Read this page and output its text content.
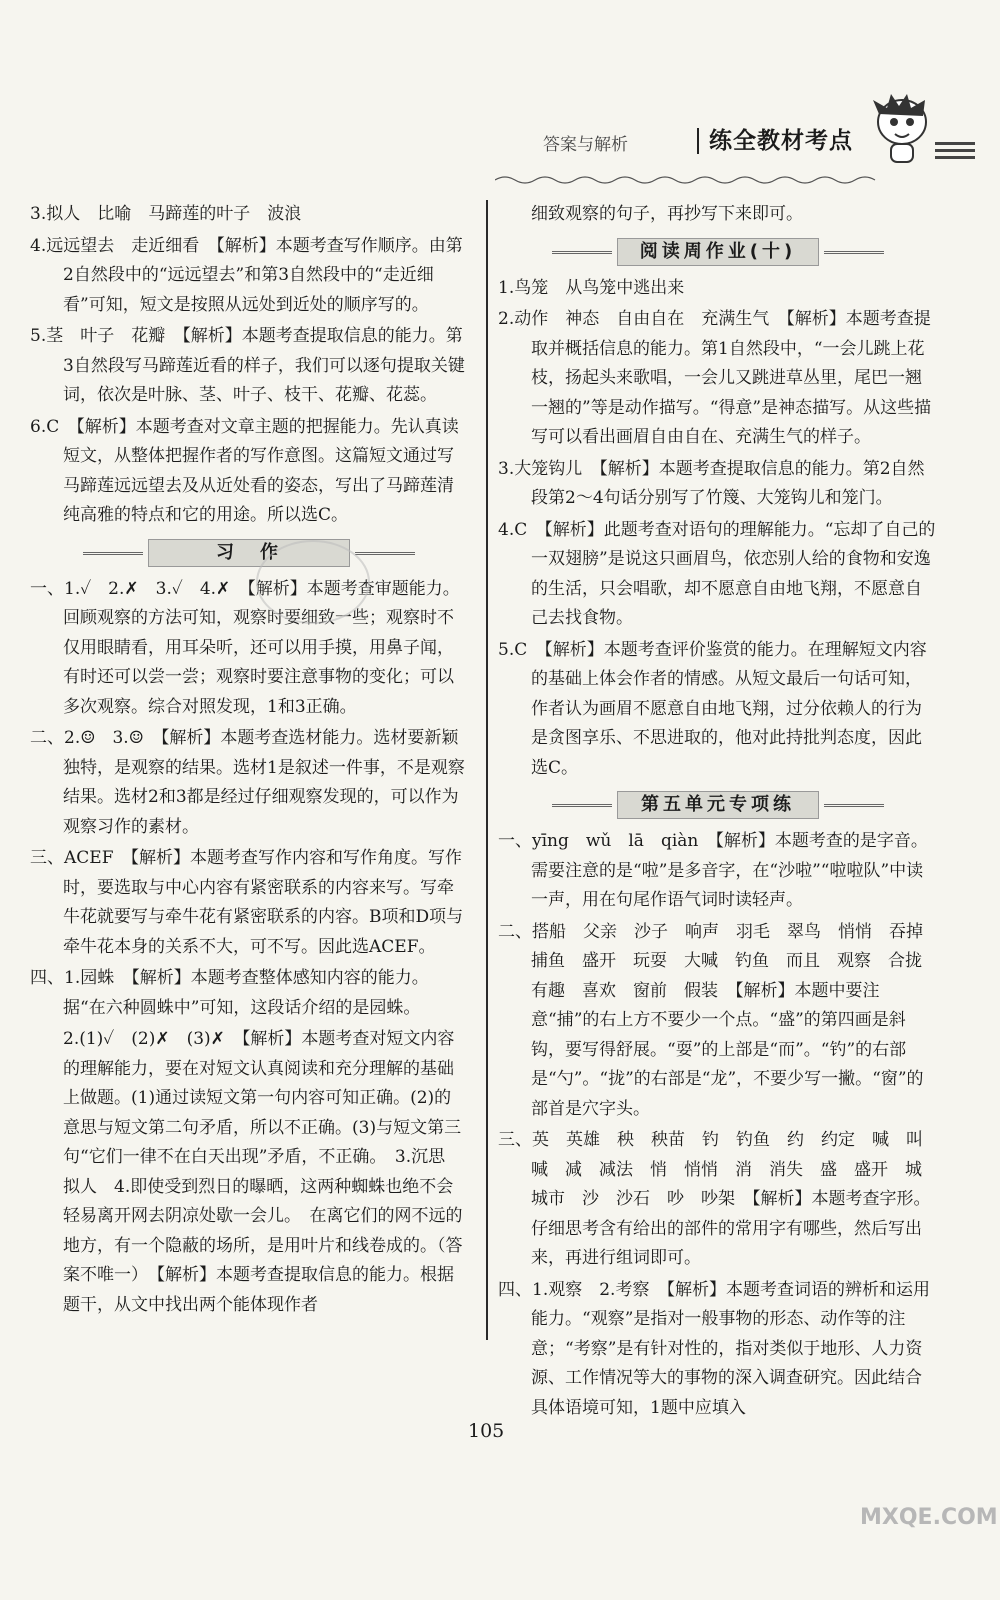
答案与解析	练全教材考点

3.拟人　比喻　马蹄莲的叶子　波浪

4.远远望去　走近细看　【解析】本题考查写作顺序。由第2自然段中的“远远望去”和第3自然段中的“走近细看”可知，短文是按照从远处到近处的顺序写的。

5.茎　叶子　花瓣　【解析】本题考查提取信息的能力。第3自然段写马蹄莲近看的样子，我们可以逐句提取关键词，依次是叶脉、茎、叶子、枝干、花瓣、花蕊。

6.C　【解析】本题考查对文章主题的把握能力。先认真读短文，从整体把握作者的写作意图。这篇短文通过写马蹄莲远远望去及从近处看的姿态，写出了马蹄莲清纯高雅的特点和它的用途。所以选C。

习　作

一、1.✓　2.✗　3.✓　4.✗　【解析】本题考查审题能力。回顾观察的方法可知，观察时要细致一些；观察时不仅用眼睛看，用耳朵听，还可以用手摸，用鼻子闻，有时还可以尝一尝；观察时要注意事物的变化；可以多次观察。综合对照发现，1和3正确。

二、2.☺　3.☺　【解析】本题考查选材能力。选材要新颖独特，是观察的结果。选材1是叙述一件事，不是观察结果。选材2和3都是经过仔细观察发现的，可以作为观察习作的素材。

三、ACEF　【解析】本题考查写作内容和写作角度。写作时，要选取与中心内容有紧密联系的内容来写。写牵牛花就要写与牵牛花有紧密联系的内容。B项和D项与牵牛花本身的关系不大，可不写。因此选ACEF。

四、1.园蛛　【解析】本题考查整体感知内容的能力。据“在六种圆蛛中”可知，这段话介绍的是园蛛。

2.(1)✓　(2)✗　(3)✗　【解析】本题考查对短文内容的理解能力，要在对短文认真阅读和充分理解的基础上做题。(1)通过读短文第一句内容可知正确。(2)的意思与短文第二句矛盾，所以不正确。(3)与短文第三句“它们一律不在白天出现”矛盾，不正确。　3.沉思　拟人　4.即使受到烈日的曝晒，这两种蜘蛛也绝不会轻易离开网去阴凉处歇一会儿。　在离它们的网不远的地方，有一个隐蔽的场所，是用叶片和线卷成的。（答案不唯一）　【解析】本题考查提取信息的能力。根据题干，从文中找出两个能体现作者

细致观察的句子，再抄写下来即可。

阅读周作业(十)

1.鸟笼　从鸟笼中逃出来

2.动作　神态　自由自在　充满生气　【解析】本题考查提取并概括信息的能力。第1自然段中，“一会儿跳上花枝，扬起头来歌唱，一会儿又跳进草丛里，尾巴一翘一翘的”等是动作描写。“得意”是神态描写。从这些描写可以看出画眉自由自在、充满生气的样子。

3.大笼钩儿　【解析】本题考查提取信息的能力。第2自然段第2～4句话分别写了竹篾、大笼钩儿和笼门。

4.C　【解析】此题考查对语句的理解能力。“忘却了自己的一双翅膀”是说这只画眉鸟，依恋别人给的食物和安逸的生活，只会唱歌，却不愿意自由地飞翔，不愿意自己去找食物。

5.C　【解析】本题考查评价鉴赏的能力。在理解短文内容的基础上体会作者的情感。从短文最后一句话可知，作者认为画眉不愿意自由地飞翔，过分依赖人的行为是贪图享乐、不思进取的，他对此持批判态度，因此选C。

第五单元专项练

一、yīng　wǔ　lā　qiàn　【解析】本题考查的是字音。需要注意的是“啦”是多音字，在“沙啦”“啦啦队”中读一声，用在句尾作语气词时读轻声。

二、搭船　父亲　沙子　响声　羽毛　翠鸟　悄悄　吞掉　捕鱼　盛开　玩耍　大喊　钓鱼　而且　观察　合拢　有趣　喜欢　窗前　假装　【解析】本题中要注意“捕”的右上方不要少一个点。“盛”的第四画是斜钩，要写得舒展。“耍”的上部是“而”。“钓”的右部是“勺”。“拢”的右部是“龙”，不要少写一撇。“窗”的部首是穴字头。

三、英　英雄　秧　秧苗　钓　钓鱼　约　约定　喊　叫喊　减　减法　悄　悄悄　消　消失　盛　盛开　城　城市　沙　沙石　吵　吵架　【解析】本题考查字形。仔细思考含有给出的部件的常用字有哪些，然后写出来，再进行组词即可。

四、1.观察　2.考察　【解析】本题考查词语的辨析和运用能力。“观察”是指对一般事物的形态、动作等的注意；“考察”是有针对性的，指对类似于地形、人力资源、工作情况等大的事物的深入调查研究。因此结合具体语境可知，1题中应填入

105
MXQE.COM
